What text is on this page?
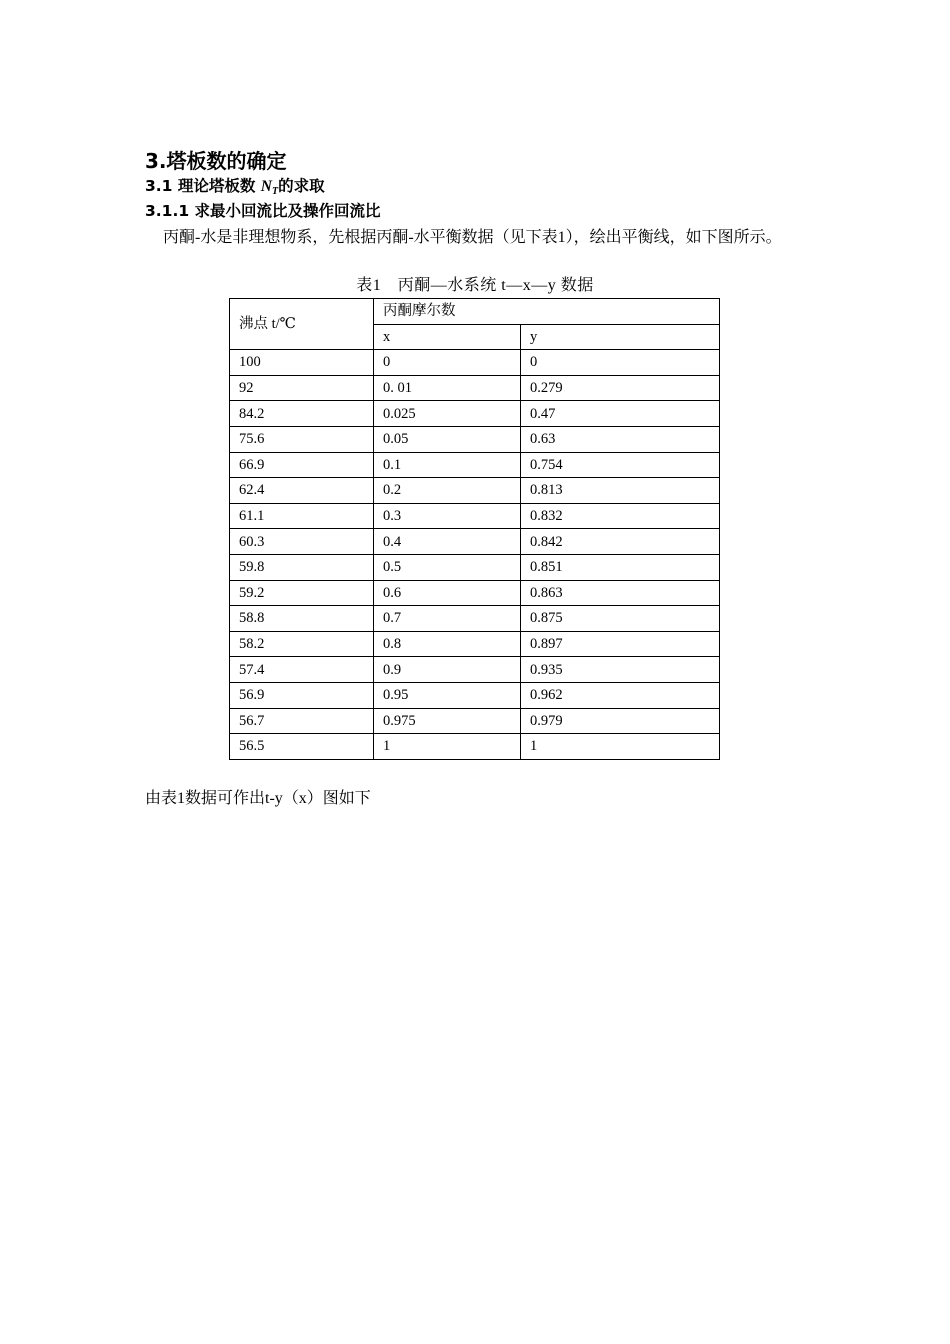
3.塔板数的确定
3.1 理论塔板数 $N_T$的求取
3.1.1 求最小回流比及操作回流比
丙酮-水是非理想物系，先根据丙酮-水平衡数据（见下表1），绘出平衡线，如下图所示。
表1　丙酮—水系统 t—x—y 数据
沸点 t/℃	丙酮摩尔数	
	x	y
100	0	0
92	0. 01	0.279
84.2	0.025	0.47
75.6	0.05	0.63
66.9	0.1	0.754
62.4	0.2	0.813
61.1	0.3	0.832
60.3	0.4	0.842
59.8	0.5	0.851
59.2	0.6	0.863
58.8	0.7	0.875
58.2	0.8	0.897
57.4	0.9	0.935
56.9	0.95	0.962
56.7	0.975	0.979
56.5	1	1
由表1数据可作出t-y（x）图如下
